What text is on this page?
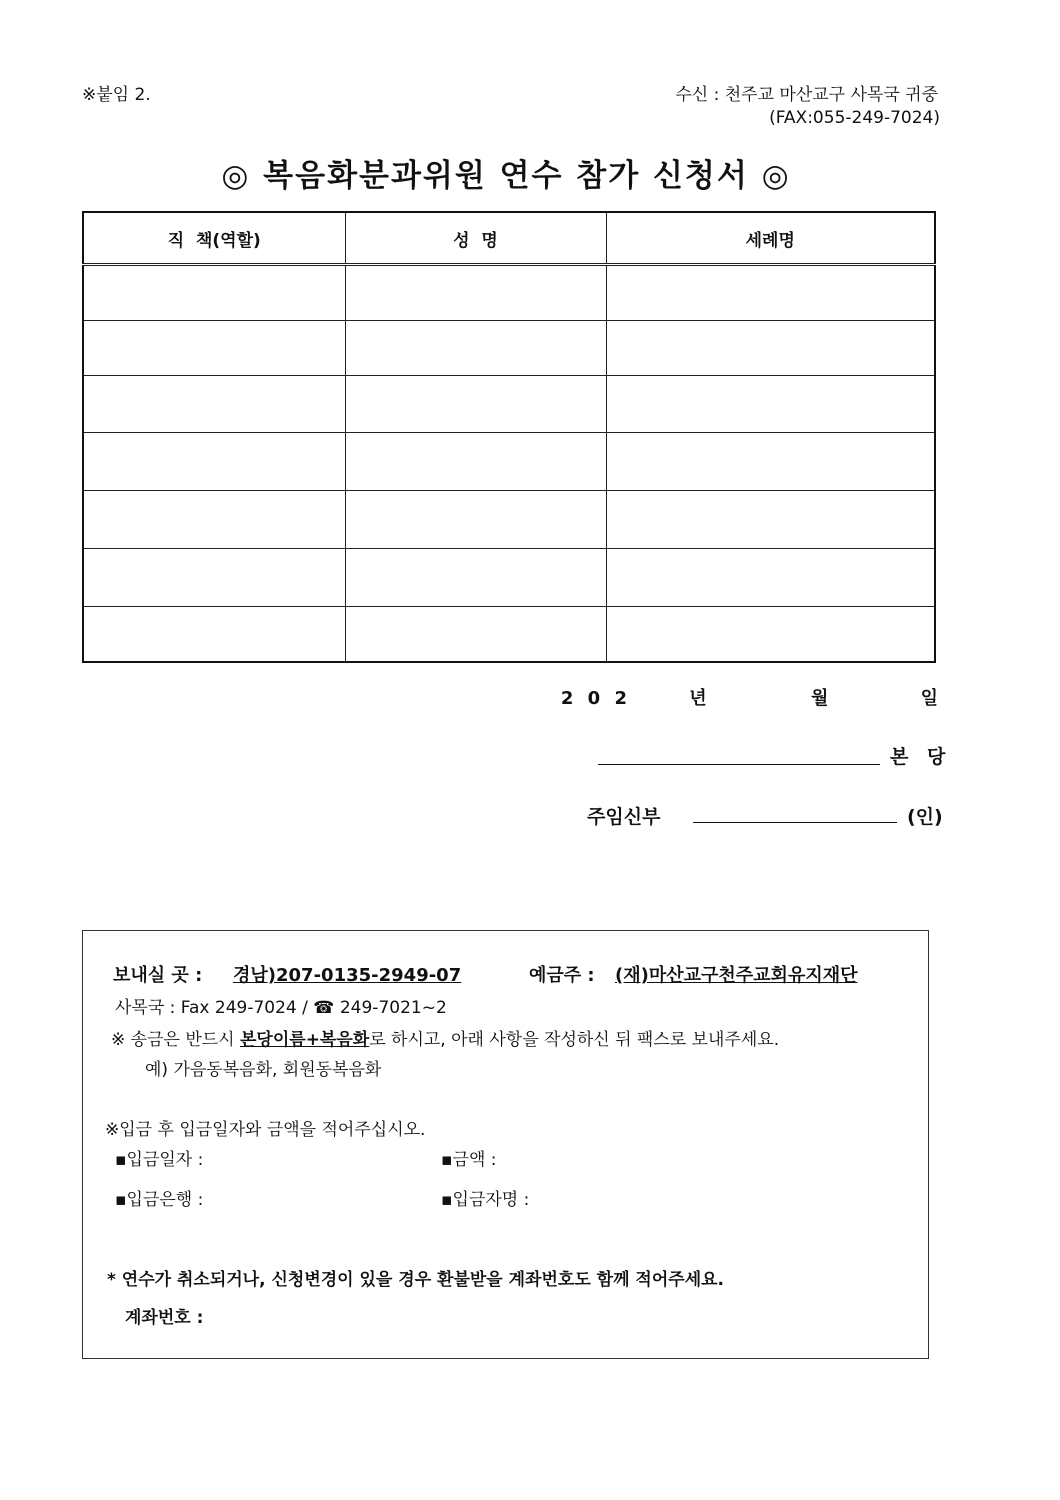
※붙임 2.	수신 : 천주교 마산교구 사목국 귀중
(FAX:055-249-7024)
◎ 복음화분과위원 연수 참가 신청서 ◎
직  책(역할)	성  명	세례명

2 0 2	년	월	일
본 당
주임신부	(인)
보내실 곳 : 경남)207-0135-2949-07	예금주 : (재)마산교구천주교회유지재단
사목국 : Fax 249-7024 / ☎ 249-7021~2
※ 송금은 반드시 본당이름+복음화로 하시고, 아래 사항을 작성하신 뒤 팩스로 보내주세요.
예) 가음동복음화, 회원동복음화
※입금 후 입금일자와 금액을 적어주십시오.
▪입금일자 :	▪금액 :
▪입금은행 :	▪입금자명 :
* 연수가 취소되거나, 신청변경이 있을 경우 환불받을 계좌번호도 함께 적어주세요.
계좌번호 :
